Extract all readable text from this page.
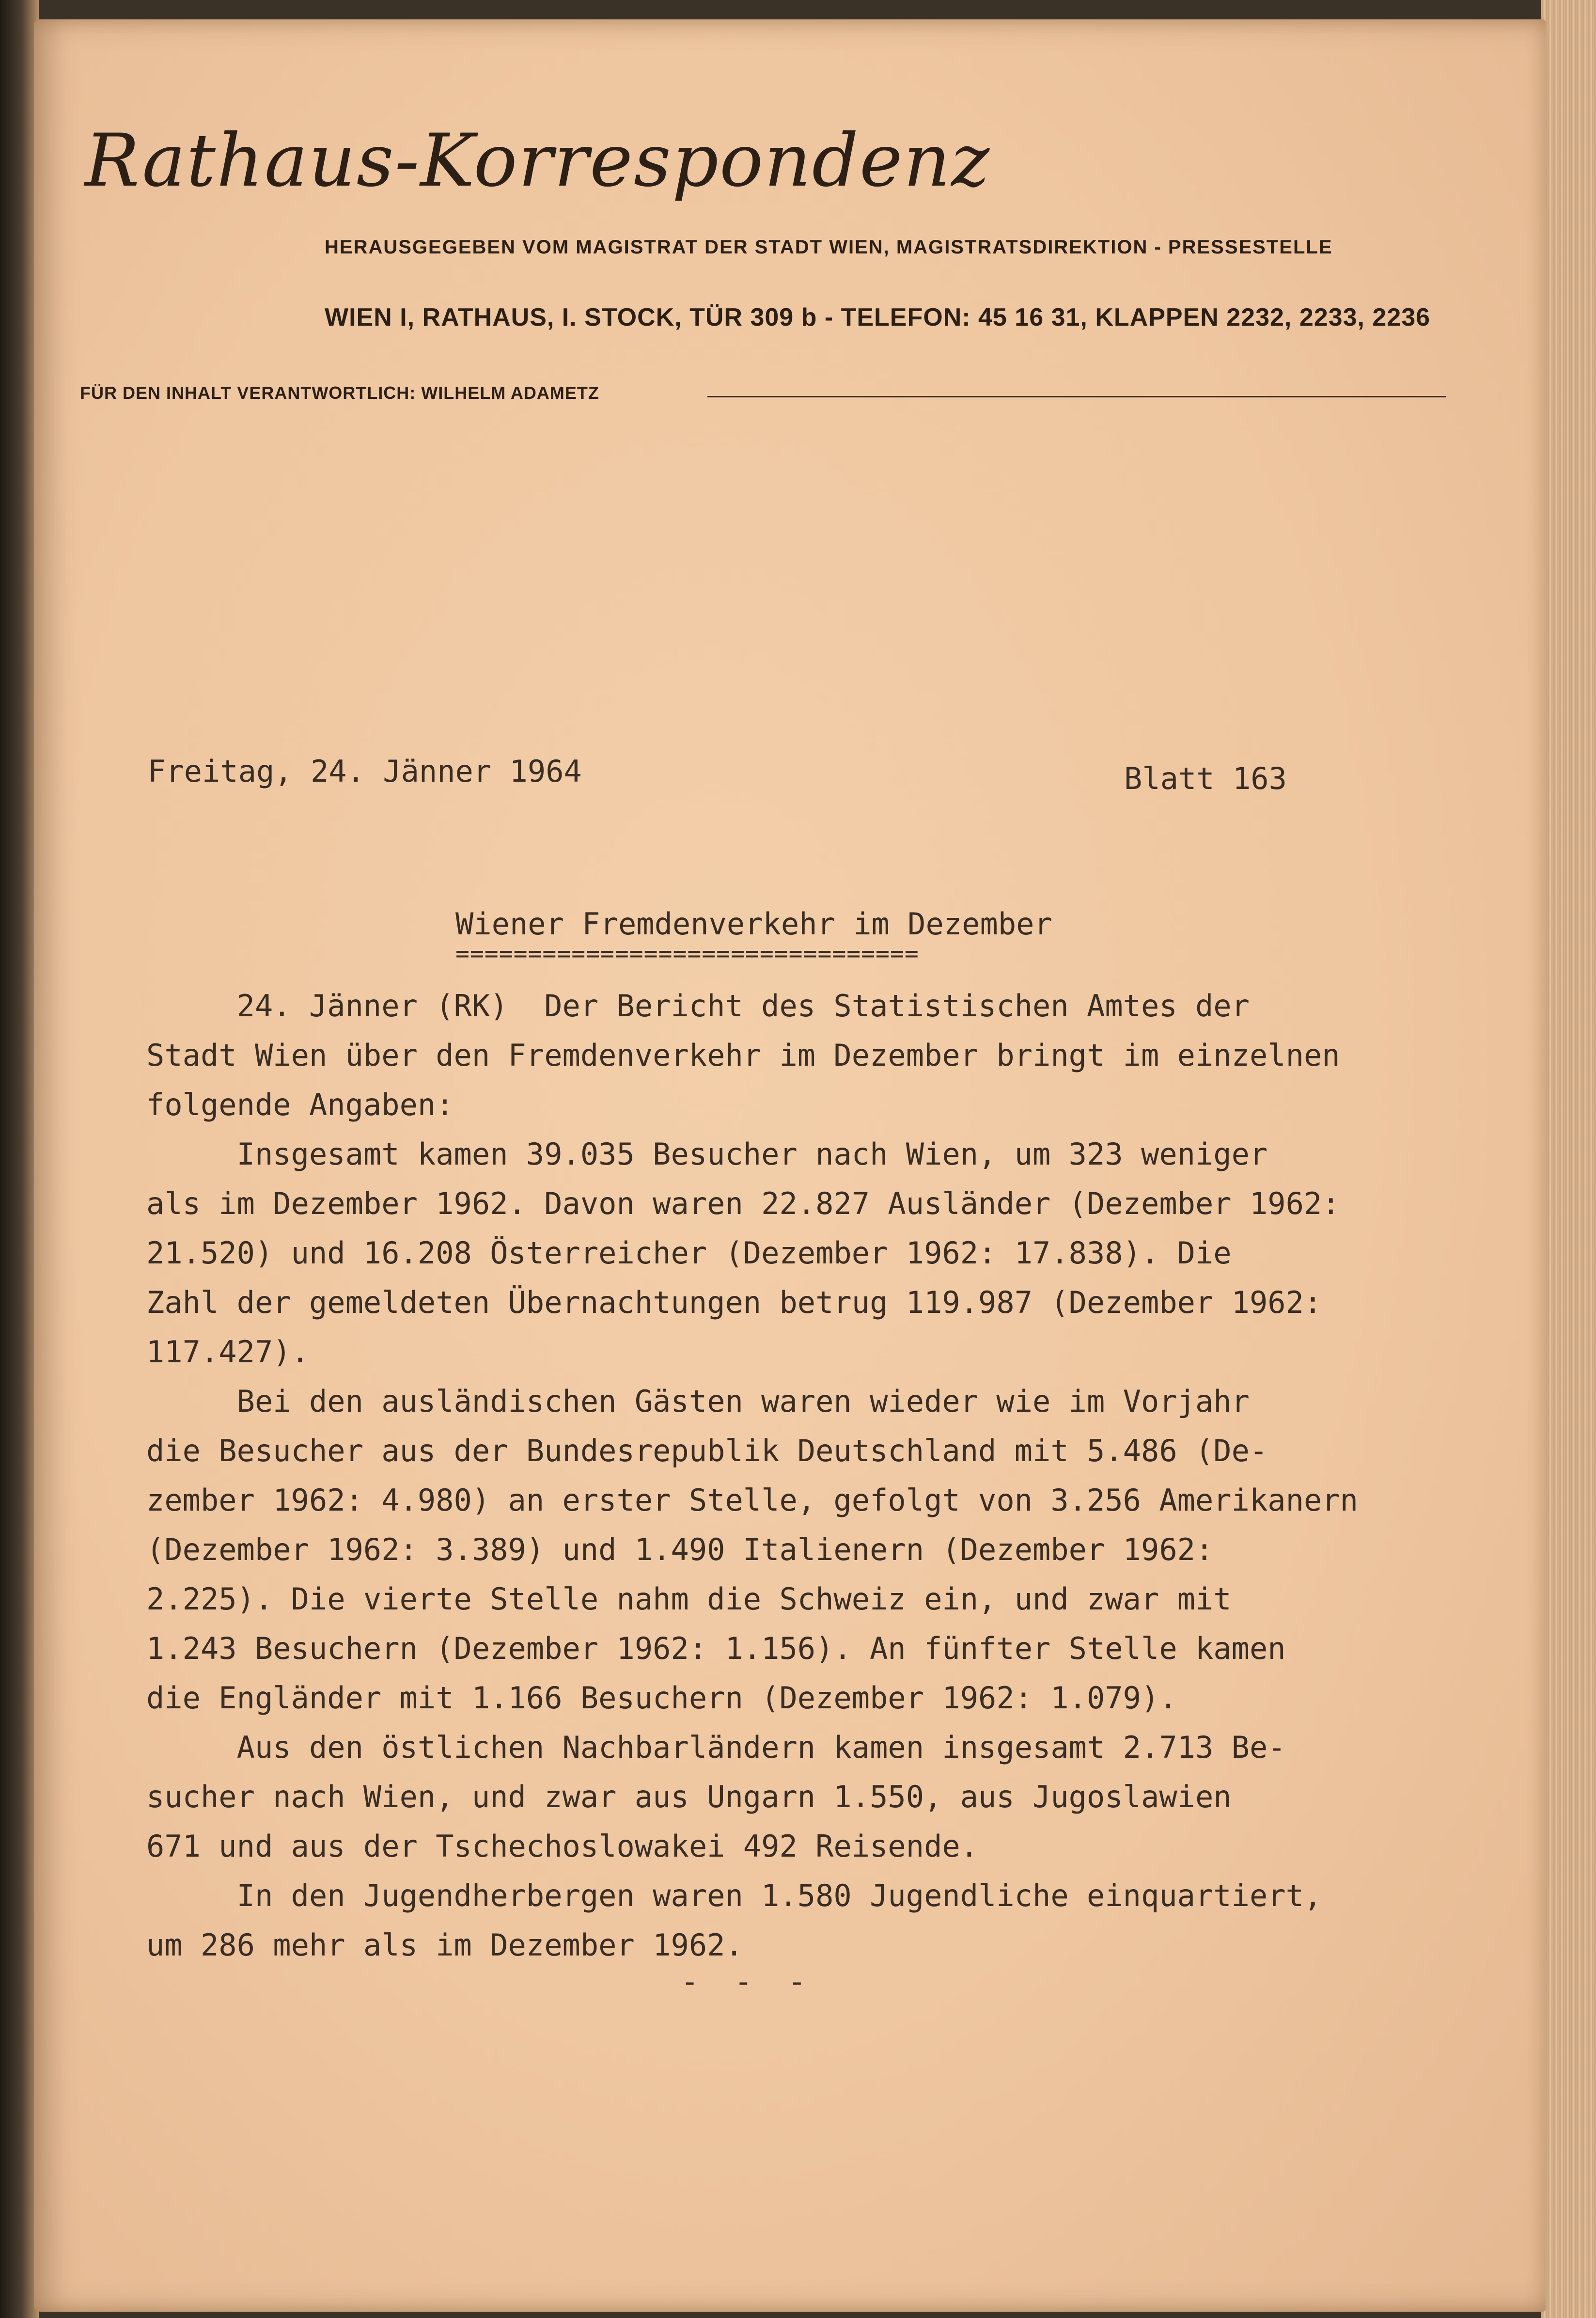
Rathaus-Korrespondenz
HERAUSGEGEBEN VOM MAGISTRAT DER STADT WIEN, MAGISTRATSDIREKTION - PRESSESTELLE
WIEN I, RATHAUS, I. STOCK, TÜR 309 b - TELEFON: 45 16 31, KLAPPEN 2232, 2233, 2236
FÜR DEN INHALT VERANTWORTLICH: WILHELM ADAMETZ
Freitag, 24. Jänner 1964	Blatt 163
Wiener Fremdenverkehr im Dezember
================================

24. Jänner (RK)  Der Bericht des Statistischen Amtes der

Stadt Wien über den Fremdenverkehr im Dezember bringt im einzelnen

folgende Angaben:

Insgesamt kamen 39.035 Besucher nach Wien, um 323 weniger

als im Dezember 1962. Davon waren 22.827 Ausländer (Dezember 1962:

21.520) und 16.208 Österreicher (Dezember 1962: 17.838). Die

Zahl der gemeldeten Übernachtungen betrug 119.987 (Dezember 1962:

117.427).

Bei den ausländischen Gästen waren wieder wie im Vorjahr

die Besucher aus der Bundesrepublik Deutschland mit 5.486 (De-

zember 1962: 4.980) an erster Stelle, gefolgt von 3.256 Amerikanern

(Dezember 1962: 3.389) und 1.490 Italienern (Dezember 1962:

2.225). Die vierte Stelle nahm die Schweiz ein, und zwar mit

1.243 Besuchern (Dezember 1962: 1.156). An fünfter Stelle kamen

die Engländer mit 1.166 Besuchern (Dezember 1962: 1.079).

Aus den östlichen Nachbarländern kamen insgesamt 2.713 Be-

sucher nach Wien, und zwar aus Ungarn 1.550, aus Jugoslawien

671 und aus der Tschechoslowakei 492 Reisende.

In den Jugendherbergen waren 1.580 Jugendliche einquartiert,

um 286 mehr als im Dezember 1962.

- - -
